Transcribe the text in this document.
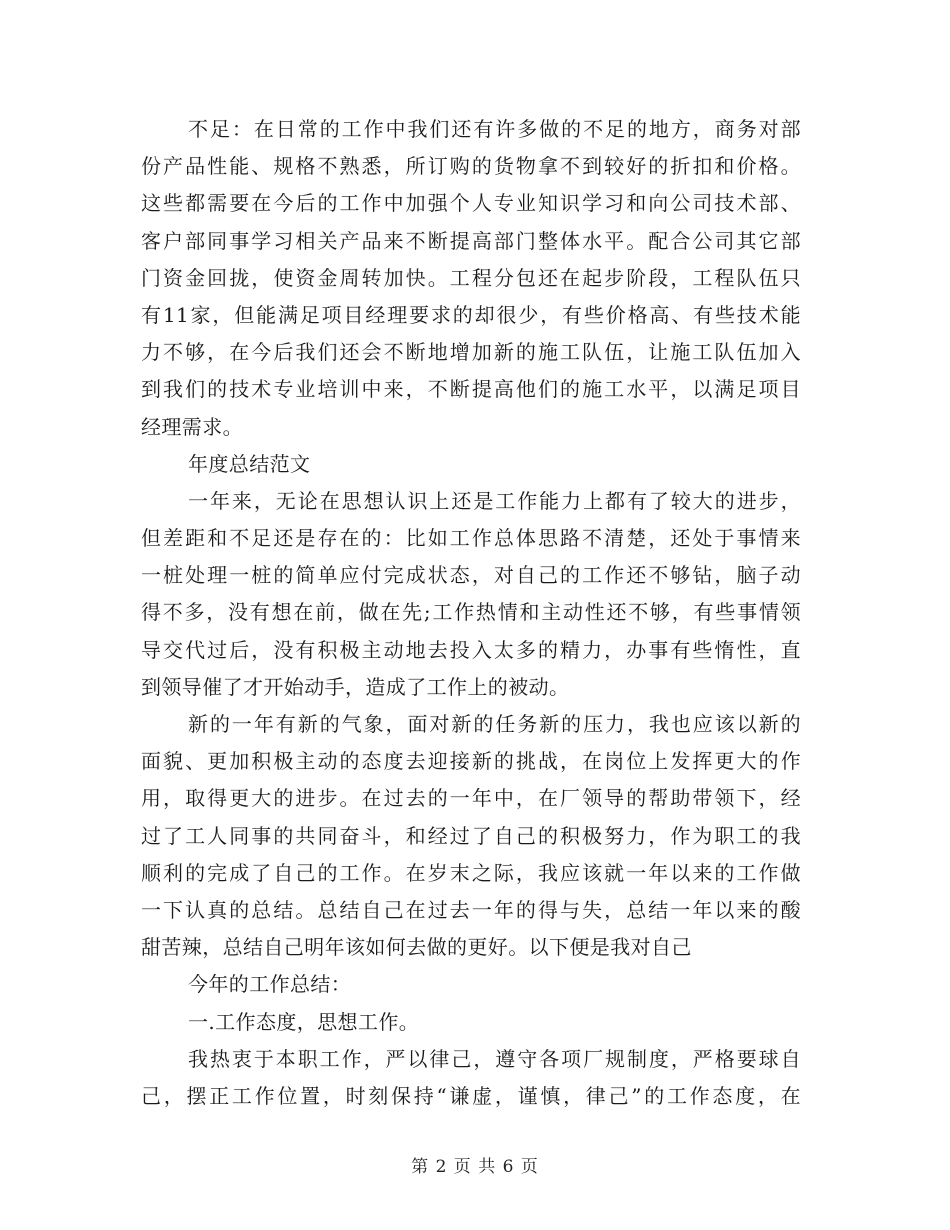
不足：在日常的工作中我们还有许多做的不足的地方，商务对部
份产品性能、规格不熟悉，所订购的货物拿不到较好的折扣和价格。
这些都需要在今后的工作中加强个人专业知识学习和向公司技术部、
客户部同事学习相关产品来不断提高部门整体水平。配合公司其它部
门资金回拢，使资金周转加快。工程分包还在起步阶段，工程队伍只
有11家，但能满足项目经理要求的却很少，有些价格高、有些技术能
力不够，在今后我们还会不断地增加新的施工队伍，让施工队伍加入
到我们的技术专业培训中来，不断提高他们的施工水平，以满足项目
经理需求。
年度总结范文
一年来，无论在思想认识上还是工作能力上都有了较大的进步，
但差距和不足还是存在的：比如工作总体思路不清楚，还处于事情来
一桩处理一桩的简单应付完成状态，对自己的工作还不够钻，脑子动
得不多，没有想在前，做在先;工作热情和主动性还不够，有些事情领
导交代过后，没有积极主动地去投入太多的精力，办事有些惰性，直
到领导催了才开始动手，造成了工作上的被动。
新的一年有新的气象，面对新的任务新的压力，我也应该以新的
面貌、更加积极主动的态度去迎接新的挑战，在岗位上发挥更大的作
用，取得更大的进步。在过去的一年中，在厂领导的帮助带领下，经
过了工人同事的共同奋斗，和经过了自己的积极努力，作为职工的我
顺利的完成了自己的工作。在岁末之际，我应该就一年以来的工作做
一下认真的总结。总结自己在过去一年的得与失，总结一年以来的酸
甜苦辣，总结自己明年该如何去做的更好。以下便是我对自己
今年的工作总结：
一.工作态度，思想工作。
我热衷于本职工作，严以律己，遵守各项厂规制度，严格要球自
己，摆正工作位置，时刻保持“谦虚，谨慎，律己”的工作态度，在
第 2 页 共 6 页
